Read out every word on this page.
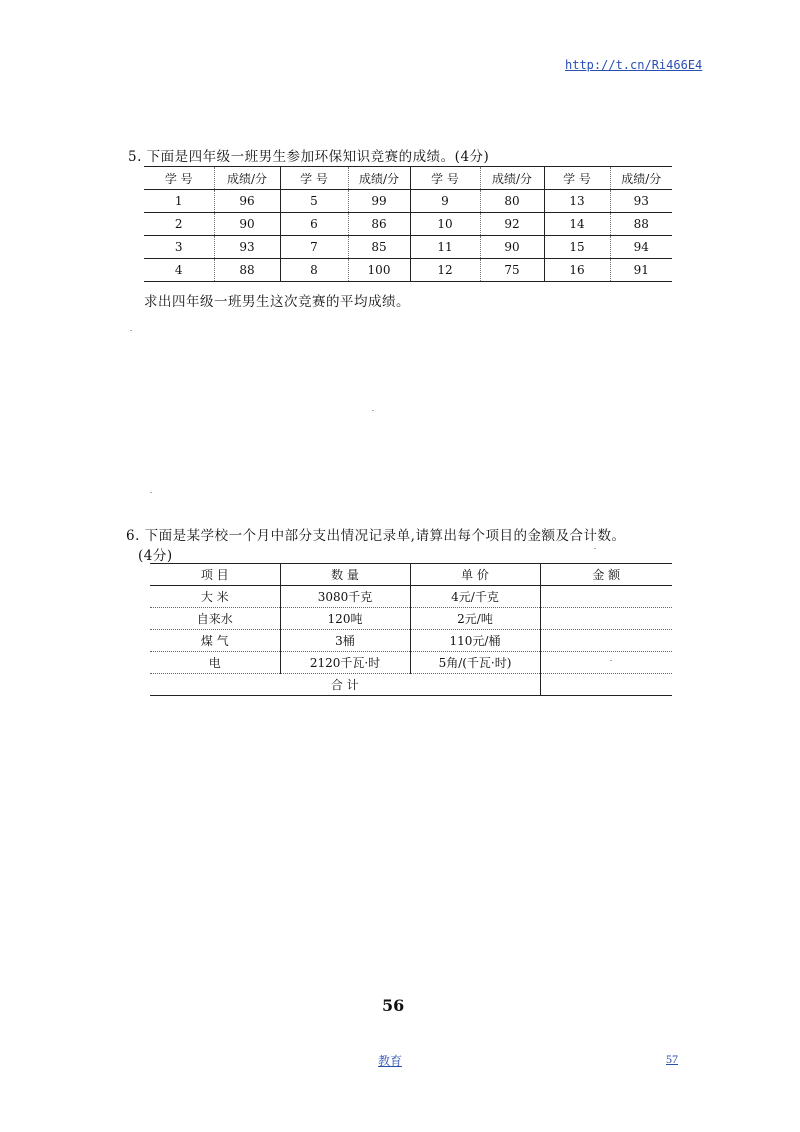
http://t.cn/Ri466E4
5. 下面是四年级一班男生参加环保知识竞赛的成绩。(4分)
学 号	成绩/分	学 号	成绩/分	学 号	成绩/分	学 号	成绩/分
1	96	5	99	9	80	13	93
2	90	6	86	10	92	14	88
3	93	7	85	11	90	15	94
4	88	8	100	12	75	16	91
求出四年级一班男生这次竞赛的平均成绩。
6. 下面是某学校一个月中部分支出情况记录单,请算出每个项目的金额及合计数。
(4分)
项 目	数 量	单 价	金 额
大 米	3080千克	4元/千克	
自来水	120吨	2元/吨	
煤 气	3桶	110元/桶	
电	2120千瓦·时	5角/(千瓦·时)	
合 计			
56
教育	57
